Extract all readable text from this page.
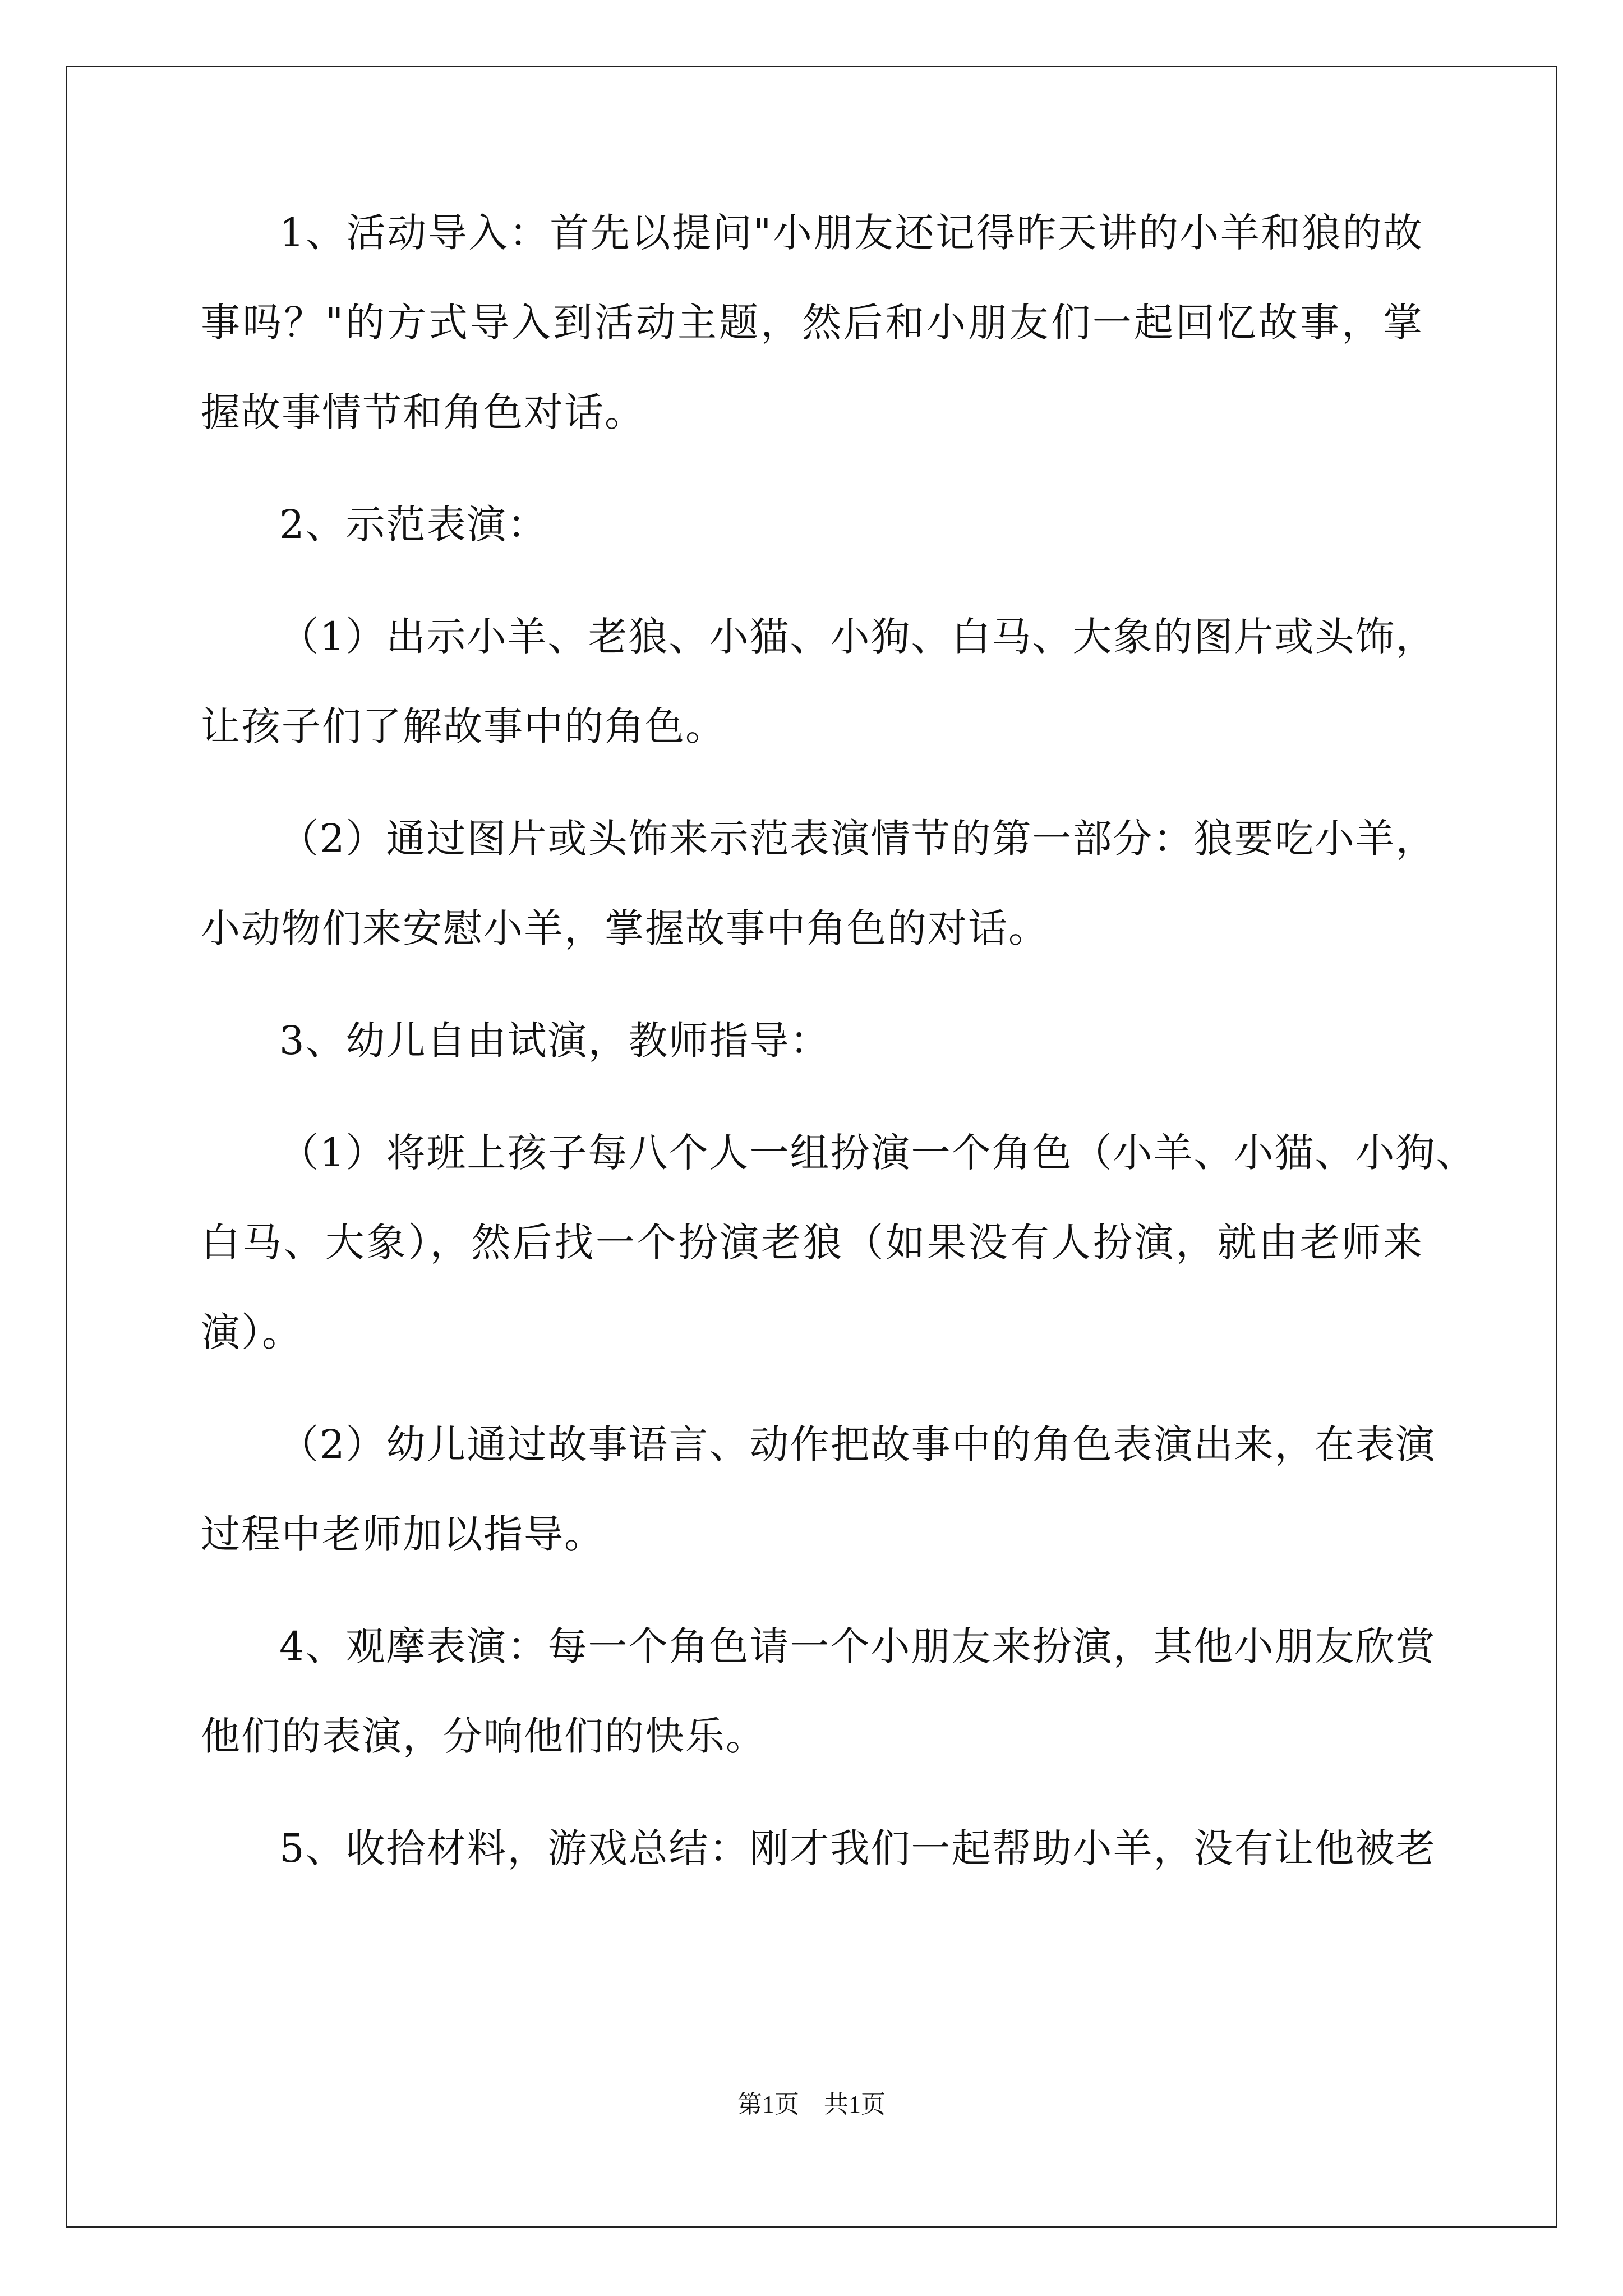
1、活动导入：首先以提问"小朋友还记得昨天讲的小羊和狼的故
事吗？"的方式导入到活动主题，然后和小朋友们一起回忆故事，掌
握故事情节和角色对话。
2、示范表演：
（1）出示小羊、老狼、小猫、小狗、白马、大象的图片或头饰，
让孩子们了解故事中的角色。
（2）通过图片或头饰来示范表演情节的第一部分：狼要吃小羊，
小动物们来安慰小羊，掌握故事中角色的对话。
3、幼儿自由试演，教师指导：
（1）将班上孩子每八个人一组扮演一个角色（小羊、小猫、小狗、
白马、大象），然后找一个扮演老狼（如果没有人扮演，就由老师来
演）。
（2）幼儿通过故事语言、动作把故事中的角色表演出来，在表演
过程中老师加以指导。
4、观摩表演：每一个角色请一个小朋友来扮演，其他小朋友欣赏
他们的表演，分响他们的快乐。
5、收拾材料，游戏总结：刚才我们一起帮助小羊，没有让他被老
第1页 共1页
